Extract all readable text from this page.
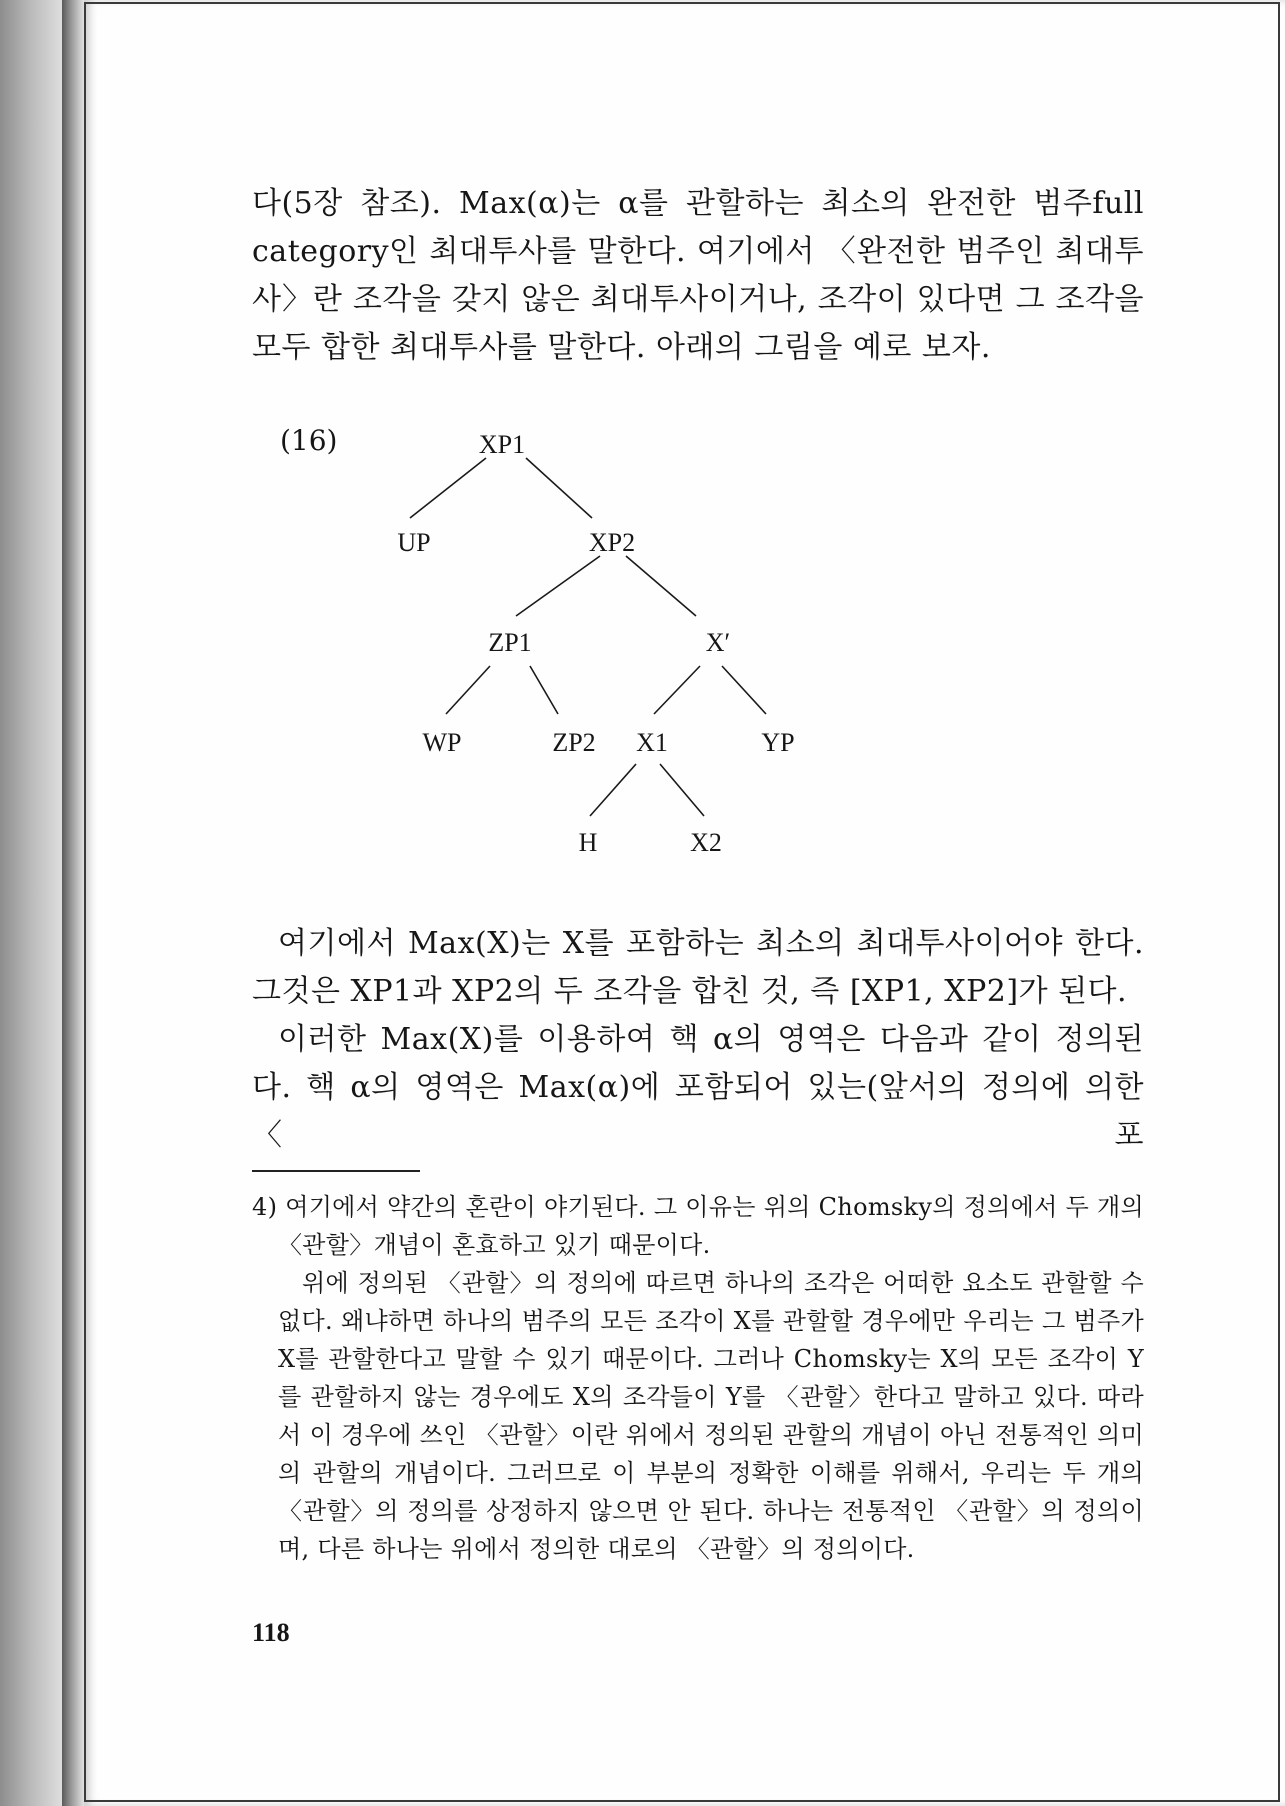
다(5장 참조). Max(α)는 α를 관할하는 최소의 완전한 범주full category인 최대투사를 말한다. 여기에서 〈완전한 범주인 최대투사〉란 조각을 갖지 않은 최대투사이거나, 조각이 있다면 그 조각을 모두 합한 최대투사를 말한다. 아래의 그림을 예로 보자.

(16)	XP1
UP	XP2
ZP1	X′
WP	ZP2 X1	YP
H	X2

여기에서 Max(X)는 X를 포함하는 최소의 최대투사이어야 한다. 그것은 XP1과 XP2의 두 조각을 합친 것, 즉 [XP1, XP2]가 된다.

이러한 Max(X)를 이용하여 핵 α의 영역은 다음과 같이 정의된다. 핵 α의 영역은 Max(α)에 포함되어 있는(앞서의 정의에 의한 〈포

4) 여기에서 약간의 혼란이 야기된다. 그 이유는 위의 Chomsky의 정의에서 두 개의

〈관할〉개념이 혼효하고 있기 때문이다.

위에 정의된 〈관할〉의 정의에 따르면 하나의 조각은 어떠한 요소도 관할할 수 없다. 왜냐하면 하나의 범주의 모든 조각이 X를 관할할 경우에만 우리는 그 범주가 X를 관할한다고 말할 수 있기 때문이다. 그러나 Chomsky는 X의 모든 조각이 Y를 관할하지 않는 경우에도 X의 조각들이 Y를 〈관할〉한다고 말하고 있다. 따라서 이 경우에 쓰인 〈관할〉이란 위에서 정의된 관할의 개념이 아닌 전통적인 의미의 관할의 개념이다. 그러므로 이 부분의 정확한 이해를 위해서, 우리는 두 개의 〈관할〉의 정의를 상정하지 않으면 안 된다. 하나는 전통적인 〈관할〉의 정의이며, 다른 하나는 위에서 정의한 대로의 〈관할〉의 정의이다.

118
